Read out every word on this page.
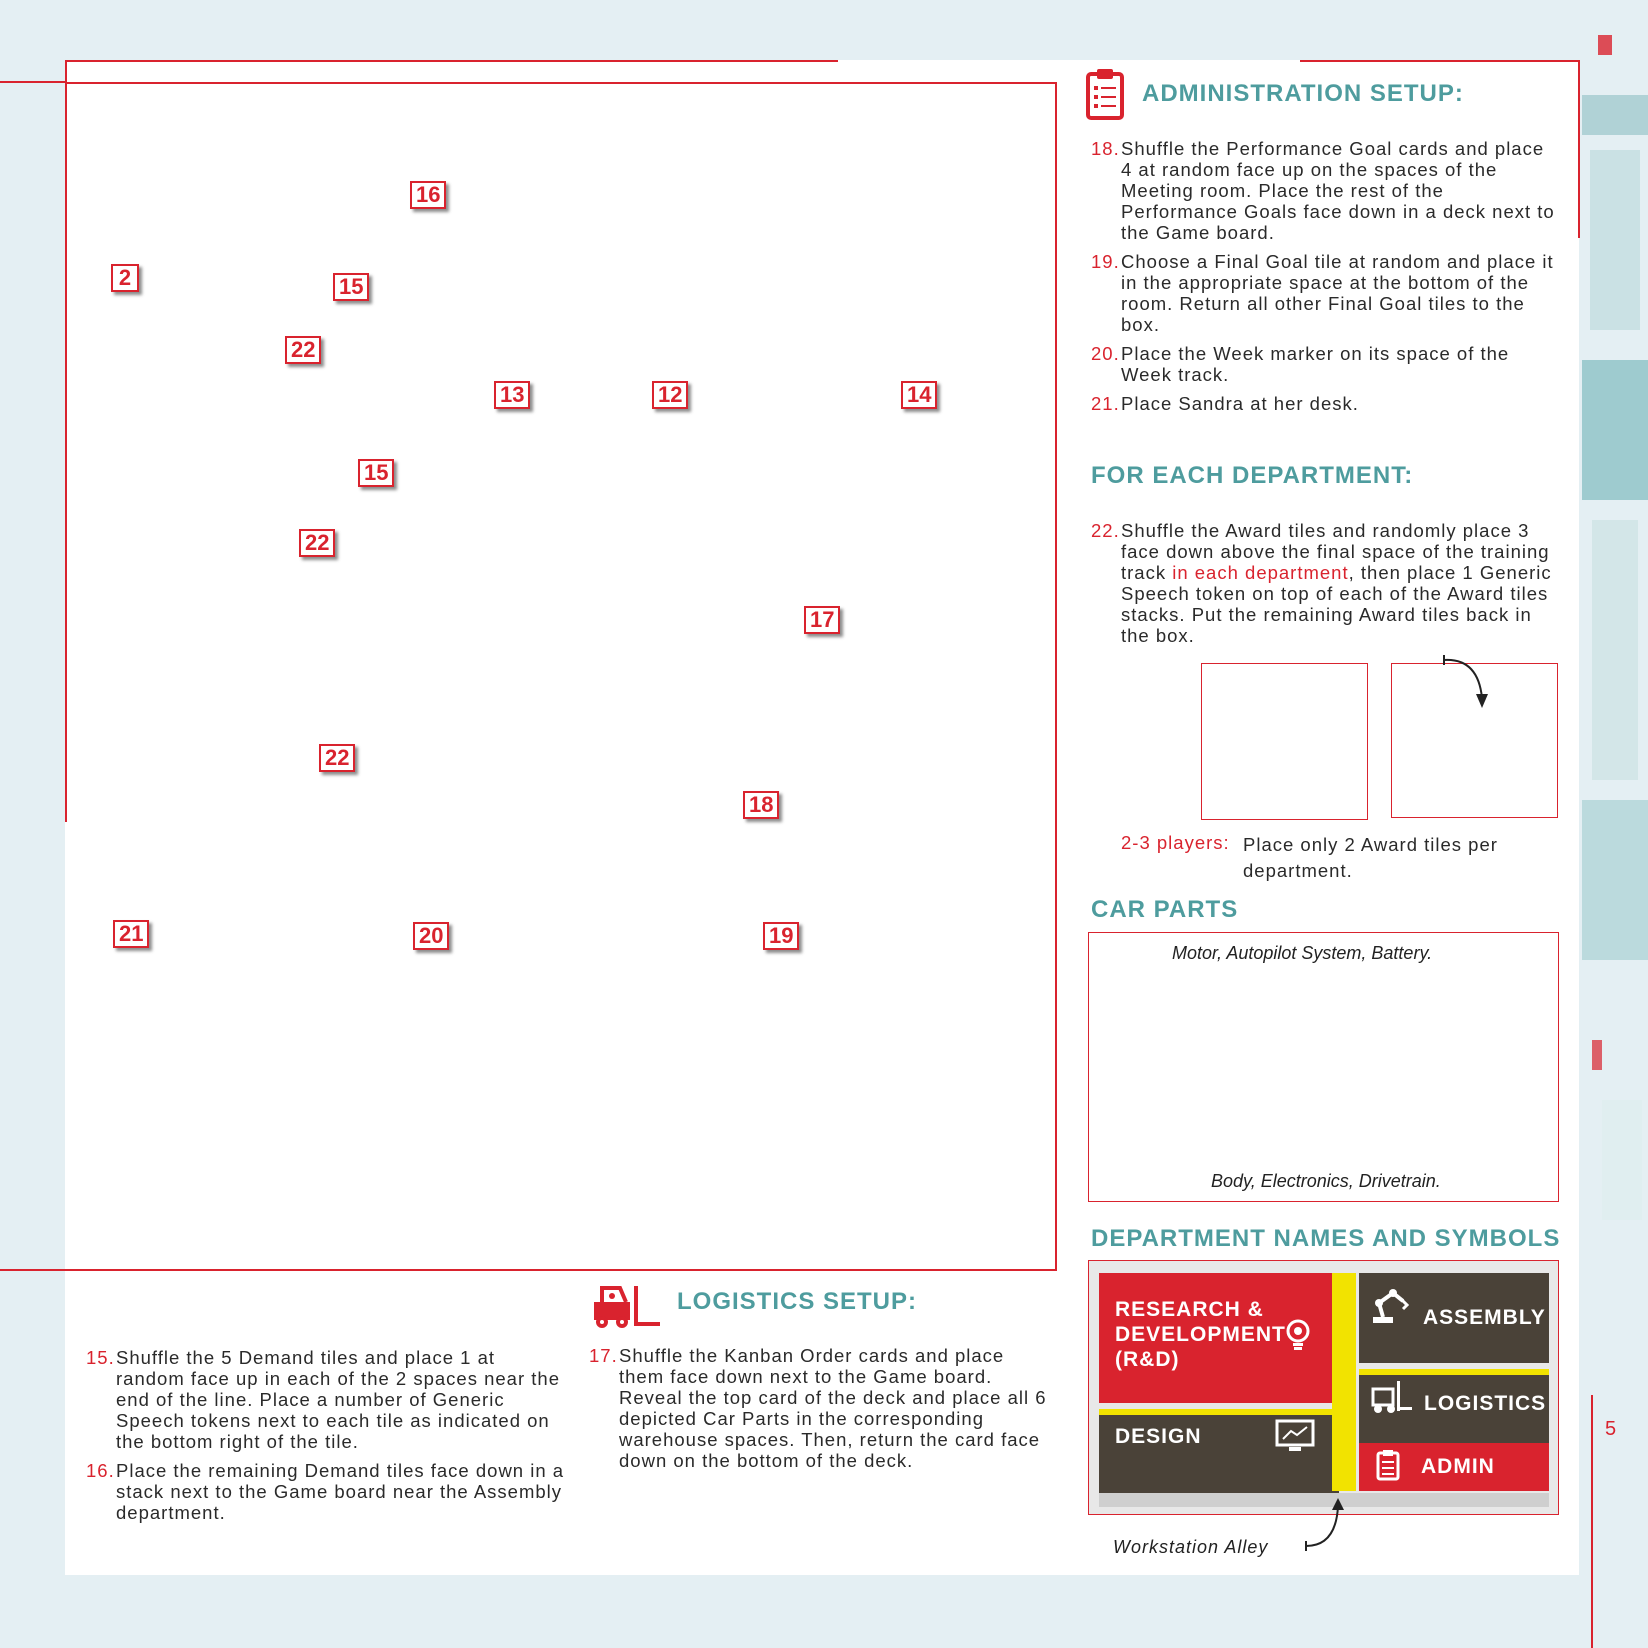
5
16
2	15
22
13	12	14
15
22
17
22
18
21	20	19
ADMINISTRATION SETUP:
18. Shuffle the Performance Goal cards and place 4 at random face up on the spaces of the Meeting room. Place the rest of the Performance Goals face down in a deck next to the Game board.
19. Choose a Final Goal tile at random and place it in the appropriate space at the bottom of the room. Return all other Final Goal tiles to the box.
20. Place the Week marker on its space of the Week track.
21. Place Sandra at her desk.
FOR EACH DEPARTMENT:
22. Shuffle the Award tiles and randomly place 3 face down above the final space of the training track in each department, then place 1 Generic Speech token on top of each of the Award tiles stacks. Put the remaining Award tiles back in the box.
2-3 players: Place only 2 Award tiles per department.
CAR PARTS
Motor, Autopilot System, Battery.
Body, Electronics, Drivetrain.
DEPARTMENT NAMES AND SYMBOLS
RESEARCH & DEVELOPMENT (R&D)
ASSEMBLY
LOGISTICS
DESIGN
ADMIN
Workstation Alley
LOGISTICS SETUP:
17. Shuffle the Kanban Order cards and place them face down next to the Game board. Reveal the top card of the deck and place all 6 depicted Car Parts in the corresponding warehouse spaces. Then, return the card face down on the bottom of the deck.
15. Shuffle the 5 Demand tiles and place 1 at random face up in each of the 2 spaces near the end of the line. Place a number of Generic Speech tokens next to each tile as indicated on the bottom right of the tile.
16. Place the remaining Demand tiles face down in a stack next to the Game board near the Assembly department.
